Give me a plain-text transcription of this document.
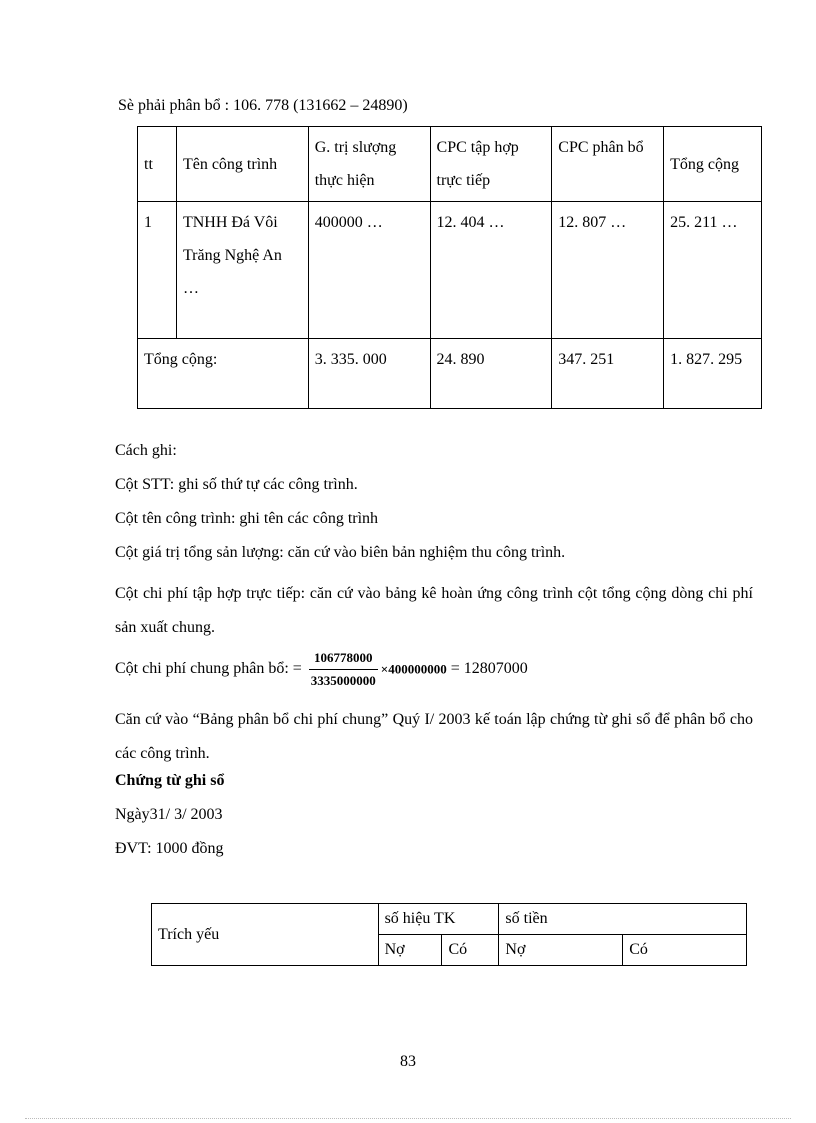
Sè phải phân bổ : 106. 778 (131662 – 24890)
tt	Tên công trình	G. trị slượng thực hiện	CPC tập hợp trực tiếp	CPC phân bổ	Tổng cộng
1	TNHH Đá Vôi Trăng Nghệ An …	400000 …	12. 404 …	12. 807 …	25. 211 …
Tổng cộng:		3. 335. 000	24. 890	347. 251	1. 827. 295
Cách ghi:
Cột STT: ghi số thứ tự các công trình.
Cột tên công trình: ghi tên các công trình
Cột giá trị tổng sản lượng: căn cứ vào biên bản nghiệm thu công trình.
Cột chi phí tập hợp trực tiếp: căn cứ vào bảng kê hoàn ứng công trình cột tổng cộng dòng chi phí sản xuất chung.
Cột chi phí chung phân bổ: = $\frac{106778000}{3335000000} \times 400000000 = 12807000$
Căn cứ vào “Bảng phân bổ chi phí chung” Quý I/ 2003 kế toán lập chứng từ ghi sổ để phân bổ cho các công trình.
Chứng từ ghi sổ
Ngày31/ 3/ 2003
ĐVT: 1000 đồng
Trích yếu	số hiệu TK		số tiền	
	Nợ	Có	Nợ	Có
83
